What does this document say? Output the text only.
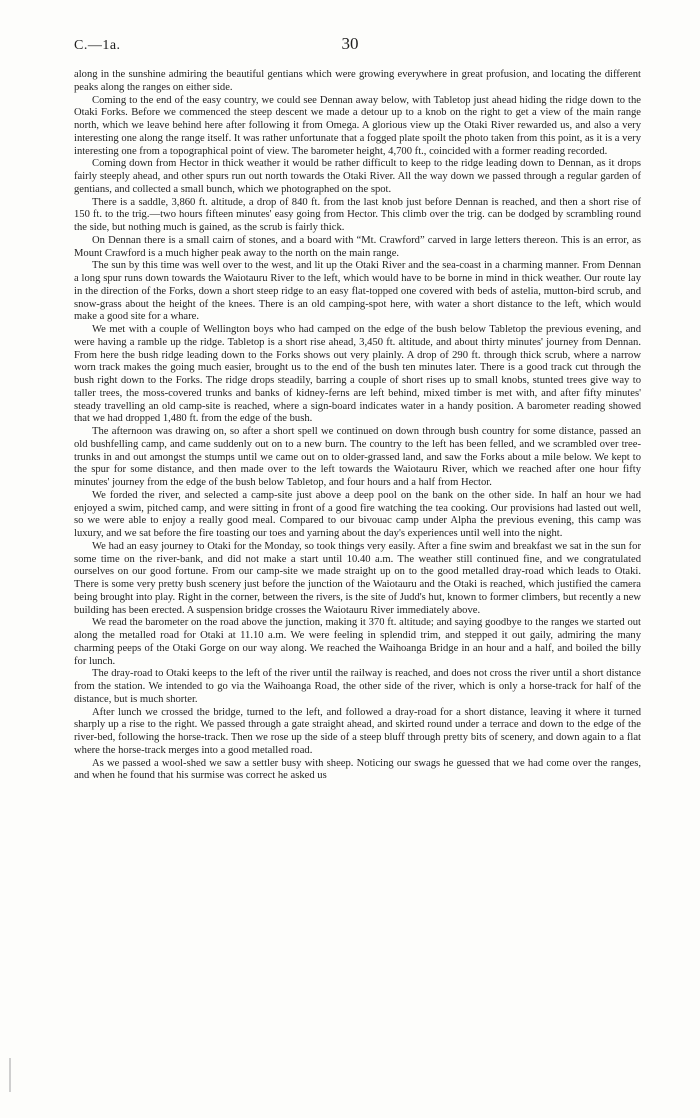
C.—1a.	30

along in the sunshine admiring the beautiful gentians which were growing everywhere in great profusion, and locating the different peaks along the ranges on either side.

Coming to the end of the easy country, we could see Dennan away below, with Tabletop just ahead hiding the ridge down to the Otaki Forks. Before we commenced the steep descent we made a detour up to a knob on the right to get a view of the main range north, which we leave behind here after following it from Omega. A glorious view up the Otaki River rewarded us, and also a very interesting one along the range itself. It was rather unfortunate that a fogged plate spoilt the photo taken from this point, as it is a very interesting one from a topographical point of view. The barometer height, 4,700 ft., coincided with a former reading recorded.

Coming down from Hector in thick weather it would be rather difficult to keep to the ridge leading down to Dennan, as it drops fairly steeply ahead, and other spurs run out north towards the Otaki River. All the way down we passed through a regular garden of gentians, and collected a small bunch, which we photographed on the spot.

There is a saddle, 3,860 ft. altitude, a drop of 840 ft. from the last knob just before Dennan is reached, and then a short rise of 150 ft. to the trig.—two hours fifteen minutes' easy going from Hector. This climb over the trig. can be dodged by scrambling round the side, but nothing much is gained, as the scrub is fairly thick.

On Dennan there is a small cairn of stones, and a board with “Mt. Crawford” carved in large letters thereon. This is an error, as Mount Crawford is a much higher peak away to the north on the main range.

The sun by this time was well over to the west, and lit up the Otaki River and the sea-coast in a charming manner. From Dennan a long spur runs down towards the Waiotauru River to the left, which would have to be borne in mind in thick weather. Our route lay in the direction of the Forks, down a short steep ridge to an easy flat-topped one covered with beds of astelia, mutton-bird scrub, and snow-grass about the height of the knees. There is an old camping-spot here, with water a short distance to the left, which would make a good site for a whare.

We met with a couple of Wellington boys who had camped on the edge of the bush below Tabletop the previous evening, and were having a ramble up the ridge. Tabletop is a short rise ahead, 3,450 ft. altitude, and about thirty minutes' journey from Dennan. From here the bush ridge leading down to the Forks shows out very plainly. A drop of 290 ft. through thick scrub, where a narrow worn track makes the going much easier, brought us to the end of the bush ten minutes later. There is a good track cut through the bush right down to the Forks. The ridge drops steadily, barring a couple of short rises up to small knobs, stunted trees give way to taller trees, the moss-covered trunks and banks of kidney-ferns are left behind, mixed timber is met with, and after fifty minutes' steady travelling an old camp-site is reached, where a sign-board indicates water in a handy position. A barometer reading showed that we had dropped 1,480 ft. from the edge of the bush.

The afternoon was drawing on, so after a short spell we continued on down through bush country for some distance, passed an old bushfelling camp, and came suddenly out on to a new burn. The country to the left has been felled, and we scrambled over tree-trunks in and out amongst the stumps until we came out on to older-grassed land, and saw the Forks about a mile below. We kept to the spur for some distance, and then made over to the left towards the Waiotauru River, which we reached after one hour fifty minutes' journey from the edge of the bush below Tabletop, and four hours and a half from Hector.

We forded the river, and selected a camp-site just above a deep pool on the bank on the other side. In half an hour we had enjoyed a swim, pitched camp, and were sitting in front of a good fire watching the tea cooking. Our provisions had lasted out well, so we were able to enjoy a really good meal. Compared to our bivouac camp under Alpha the previous evening, this camp was luxury, and we sat before the fire toasting our toes and yarning about the day's experiences until well into the night.

We had an easy journey to Otaki for the Monday, so took things very easily. After a fine swim and breakfast we sat in the sun for some time on the river-bank, and did not make a start until 10.40 a.m. The weather still continued fine, and we congratulated ourselves on our good fortune. From our camp-site we made straight up on to the good metalled dray-road which leads to Otaki. There is some very pretty bush scenery just before the junction of the Waiotauru and the Otaki is reached, which justified the camera being brought into play. Right in the corner, between the rivers, is the site of Judd's hut, known to former climbers, but recently a new building has been erected. A suspension bridge crosses the Waiotauru River immediately above.

We read the barometer on the road above the junction, making it 370 ft. altitude; and saying goodbye to the ranges we started out along the metalled road for Otaki at 11.10 a.m. We were feeling in splendid trim, and stepped it out gaily, admiring the many charming peeps of the Otaki Gorge on our way along. We reached the Waihoanga Bridge in an hour and a half, and boiled the billy for lunch.

The dray-road to Otaki keeps to the left of the river until the railway is reached, and does not cross the river until a short distance from the station. We intended to go via the Waihoanga Road, the other side of the river, which is only a horse-track for half of the distance, but is much shorter.

After lunch we crossed the bridge, turned to the left, and followed a dray-road for a short distance, leaving it where it turned sharply up a rise to the right. We passed through a gate straight ahead, and skirted round under a terrace and down to the edge of the river-bed, following the horse-track. Then we rose up the side of a steep bluff through pretty bits of scenery, and down again to a flat where the horse-track merges into a good metalled road.

As we passed a wool-shed we saw a settler busy with sheep. Noticing our swags he guessed that we had come over the ranges, and when he found that his surmise was correct he asked us
